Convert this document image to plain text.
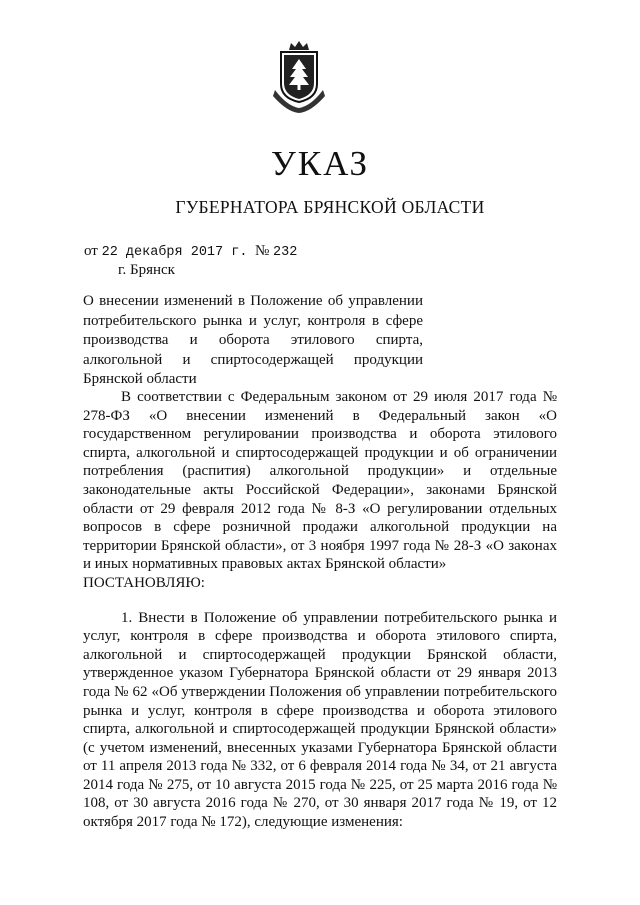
УКАЗ
ГУБЕРНАТОРА БРЯНСКОЙ ОБЛАСТИ
от 22 декабря 2017 г. № 232
г. Брянск
О внесении изменений в Положение об управлении потребительского рынка и услуг, контроля в сфере производства и оборота этилового спирта, алкогольной и спиртосодержащей продукции Брянской области

В соответствии с Федеральным законом от 29 июля 2017 года № 278-ФЗ «О внесении изменений в Федеральный закон «О государственном регулировании производства и оборота этилового спирта, алкогольной и спиртосодержащей продукции и об ограничении потребления (распития) алкогольной продукции» и отдельные законодательные акты Российской Федерации», законами Брянской области от 29 февраля 2012 года № 8-З «О регулировании отдельных вопросов в сфере розничной продажи алкогольной продукции на территории Брянской области», от 3 ноября 1997 года № 28-З «О законах и иных нормативных правовых актах Брянской области»

ПОСТАНОВЛЯЮ:

1. Внести в Положение об управлении потребительского рынка и услуг, контроля в сфере производства и оборота этилового спирта, алкогольной и спиртосодержащей продукции Брянской области, утвержденное указом Губернатора Брянской области от 29 января 2013 года № 62 «Об утверждении Положения об управлении потребительского рынка и услуг, контроля в сфере производства и оборота этилового спирта, алкогольной и спиртосодержащей продукции Брянской области» (с учетом изменений, внесенных указами Губернатора Брянской области от 11 апреля 2013 года № 332, от 6 февраля 2014 года № 34, от 21 августа 2014 года № 275, от 10 августа 2015 года № 225, от 25 марта 2016 года № 108, от 30 августа 2016 года № 270, от 30 января 2017 года № 19, от 12 октября 2017 года № 172), следующие изменения:
